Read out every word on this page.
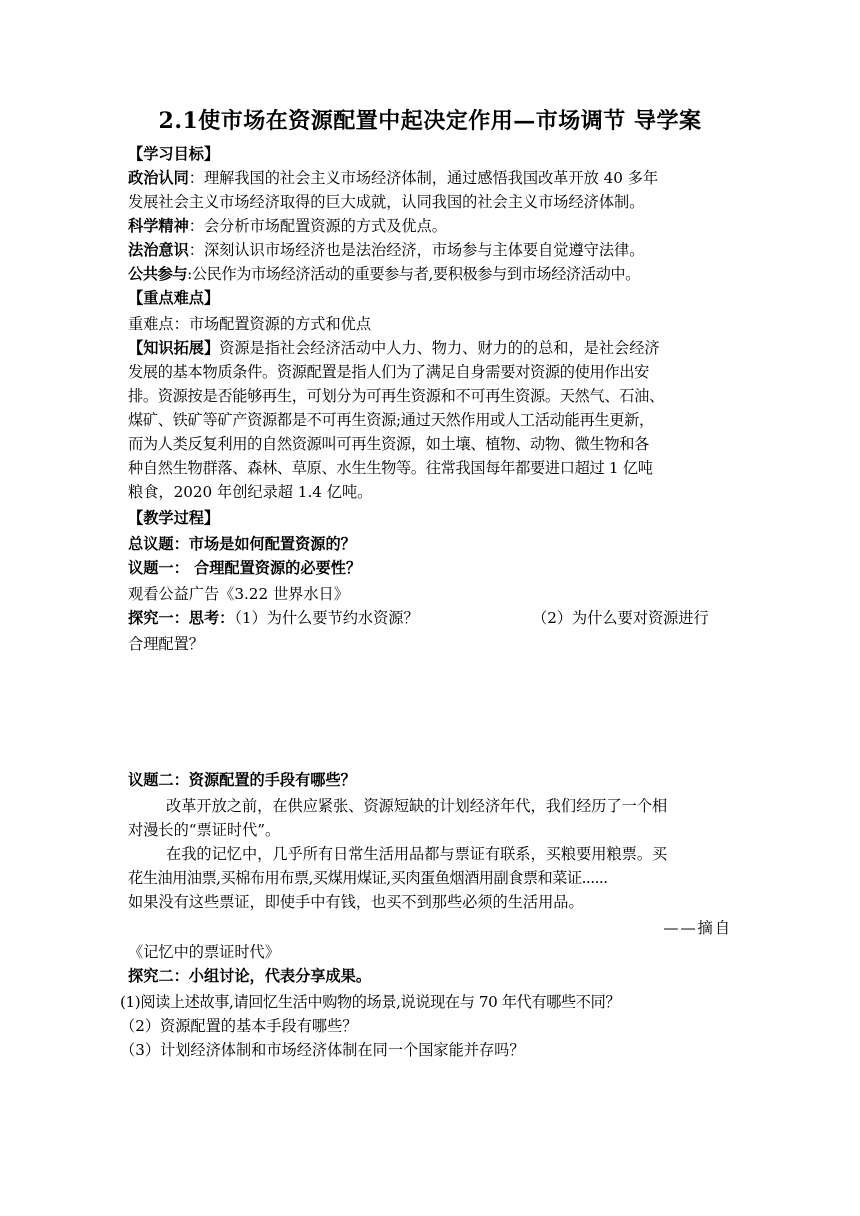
2.1使市场在资源配置中起决定作用—市场调节 导学案
【学习目标】
政治认同：理解我国的社会主义市场经济体制，通过感悟我国改革开放 40 多年
发展社会主义市场经济取得的巨大成就，认同我国的社会主义市场经济体制。
科学精神：会分析市场配置资源的方式及优点。
法治意识：深刻认识市场经济也是法治经济，市场参与主体要自觉遵守法律。
公共参与:公民作为市场经济活动的重要参与者,要积极参与到市场经济活动中。
【重点难点】
重难点：市场配置资源的方式和优点
【知识拓展】资源是指社会经济活动中人力、物力、财力的的总和，是社会经济
发展的基本物质条件。资源配置是指人们为了满足自身需要对资源的使用作出安
排。资源按是否能够再生，可划分为可再生资源和不可再生资源。天然气、石油、
煤矿、铁矿等矿产资源都是不可再生资源;通过天然作用或人工活动能再生更新，
而为人类反复利用的自然资源叫可再生资源，如土壤、植物、动物、微生物和各
种自然生物群落、森林、草原、水生生物等。往常我国每年都要进口超过 1 亿吨
粮食，2020 年创纪录超 1.4 亿吨。
【教学过程】
总议题：市场是如何配置资源的？
议题一： 合理配置资源的必要性？
观看公益广告《3.22 世界水日》
探究一：思考：（1）为什么要节约水资源？	（2）为什么要对资源进行
合理配置？
议题二：资源配置的手段有哪些？
改革开放之前，在供应紧张、资源短缺的计划经济年代，我们经历了一个相
对漫长的“票证时代”。
在我的记忆中，几乎所有日常生活用品都与票证有联系，买粮要用粮票。买
花生油用油票,买棉布用布票,买煤用煤证,买肉蛋鱼烟酒用副食票和菜证......
如果没有这些票证，即使手中有钱，也买不到那些必须的生活用品。
——摘自
《记忆中的票证时代》
探究二：小组讨论，代表分享成果。
(1)阅读上述故事,请回忆生活中购物的场景,说说现在与 70 年代有哪些不同？
（2）资源配置的基本手段有哪些？
（3）计划经济体制和市场经济体制在同一个国家能并存吗？
